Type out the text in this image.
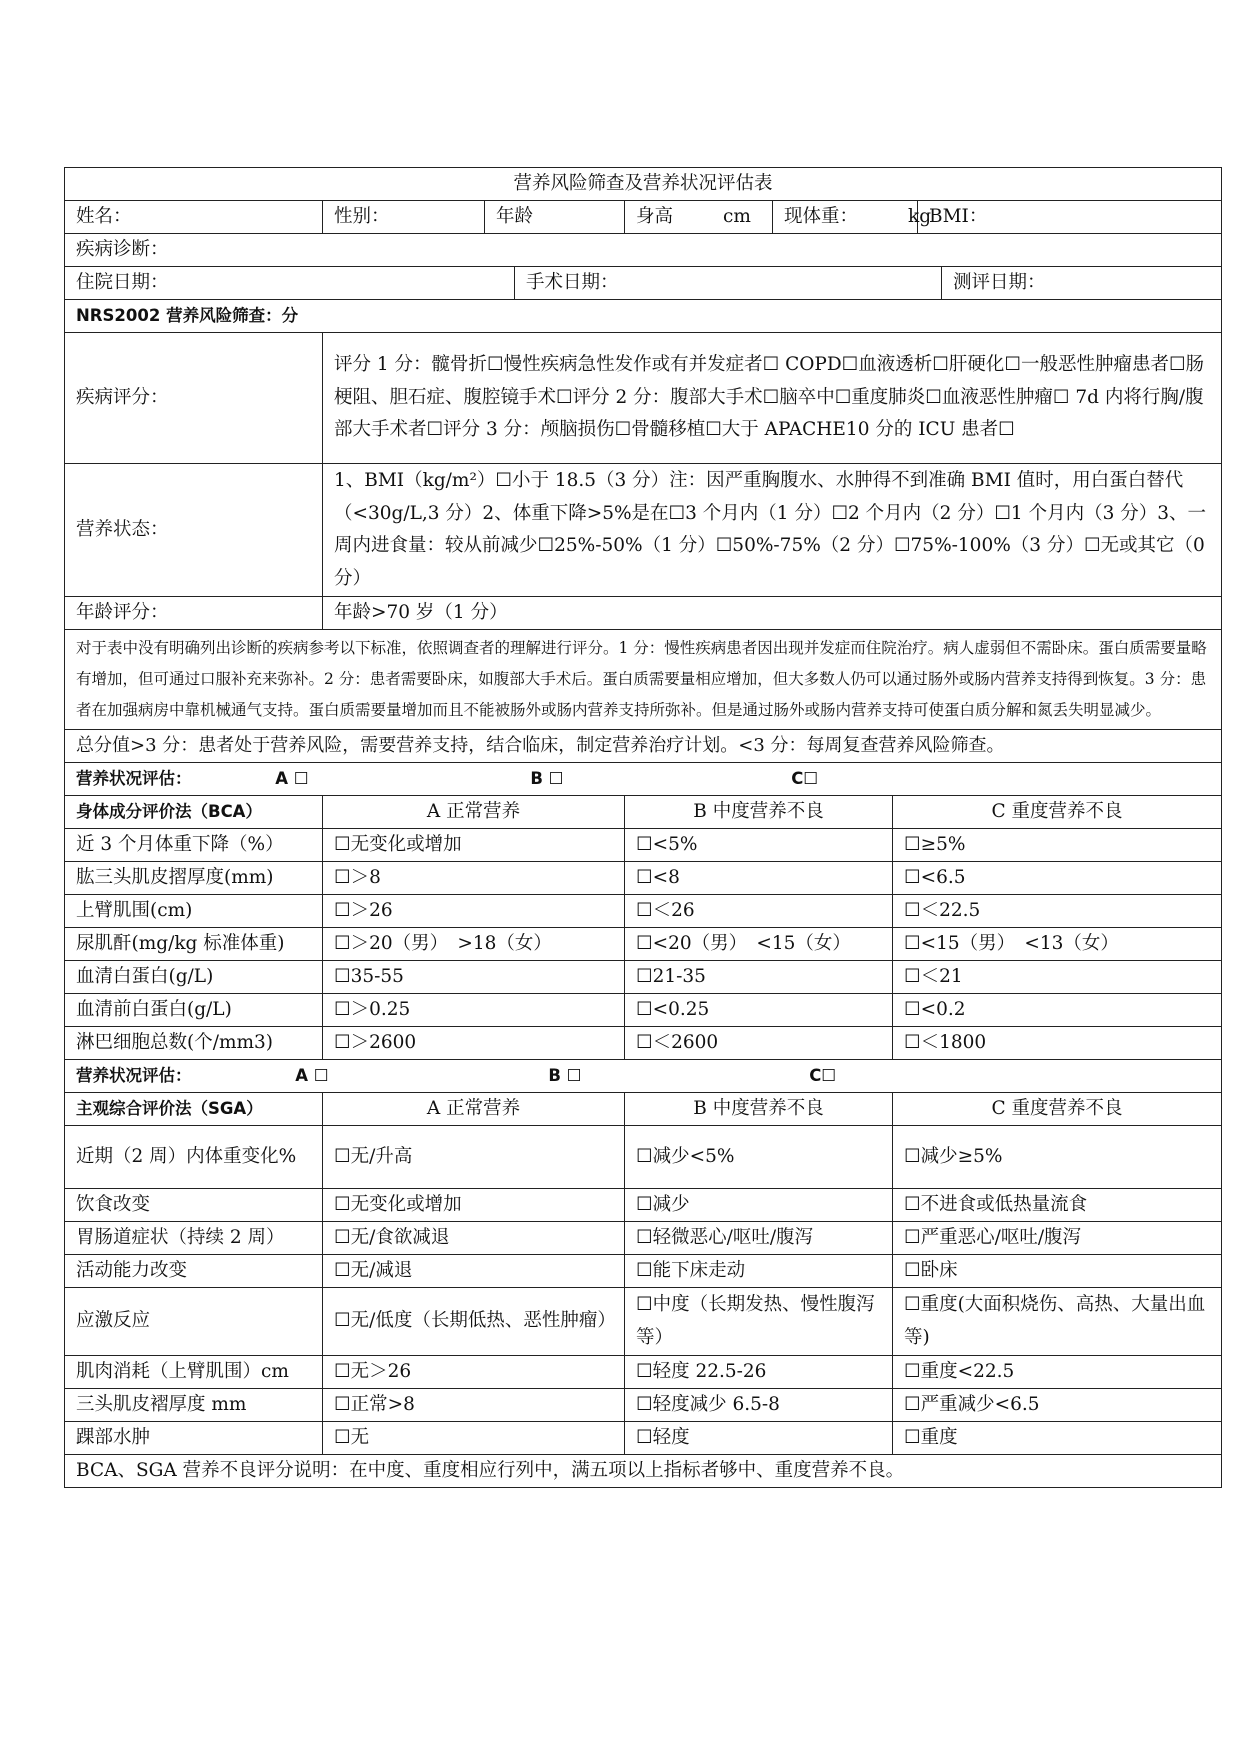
营养风险筛查及营养状况评估表								
姓名：	性别：	年龄		身高 cm	现体重： kg		BMI：	
疾病诊断：								
住院日期：			手术日期：					测评日期：
NRS2002 营养风险筛查：分								
疾病评分：	评分 1 分：髋骨折☐慢性疾病急性发作或有并发症者☐ COPD☐血液透析☐肝硬化☐一般恶性肿瘤患者☐肠梗阻、胆石症、腹腔镜手术☐评分 2 分：腹部大手术☐脑卒中☐重度肺炎☐血液恶性肿瘤☐ 7d 内将行胸/腹部大手术者☐评分 3 分：颅脑损伤☐骨髓移植☐大于 APACHE10 分的 ICU 患者☐							
营养状态：	1、BMI（kg/m²）☐小于 18.5（3 分）注：因严重胸腹水、水肿得不到准确 BMI 值时，用白蛋白替代（<30g/L,3 分）2、体重下降>5%是在☐3 个月内（1 分）☐2 个月内（2 分）☐1 个月内（3 分）3、一周内进食量：较从前减少☐25%-50%（1 分）☐50%-75%（2 分）☐75%-100%（3 分）☐无或其它（0 分）							
年龄评分：	年龄>70 岁（1 分）							
对于表中没有明确列出诊断的疾病参考以下标准，依照调查者的理解进行评分。1 分：慢性疾病患者因出现并发症而住院治疗。病人虚弱但不需卧床。蛋白质需要量略有增加，但可通过口服补充来弥补。2 分：患者需要卧床，如腹部大手术后。蛋白质需要量相应增加，但大多数人仍可以通过肠外或肠内营养支持得到恢复。3 分：患者在加强病房中靠机械通气支持。蛋白质需要量增加而且不能被肠外或肠内营养支持所弥补。但是通过肠外或肠内营养支持可使蛋白质分解和氮丢失明显减少。								
总分值>3 分：患者处于营养风险，需要营养支持，结合临床，制定营养治疗计划。<3 分：每周复查营养风险筛查。								
营养状况评估： A ☐ B ☐ C☐								
身体成分评价法（BCA）	A 正常营养			B 中度营养不良		C 重度营养不良		
近 3 个月体重下降（%）	☐无变化或增加			☐<5%		☐≥5%		
肱三头肌皮摺厚度(mm)	☐＞8			☐<8		☐<6.5		
上臂肌围(cm)	☐＞26			☐＜26		☐＜22.5		
尿肌酐(mg/kg 标准体重)	☐＞20（男）　>18（女）			☐<20（男）　<15（女）		☐<15（男）　<13（女）		
血清白蛋白(g/L)	☐35-55			☐21-35		☐＜21		
血清前白蛋白(g/L)	☐＞0.25			☐<0.25		☐<0.2		
淋巴细胞总数(个/mm3)	☐＞2600			☐＜2600		☐＜1800		
营养状况评估： A ☐ B ☐ C☐								
主观综合评价法（SGA）	A 正常营养			B 中度营养不良		C 重度营养不良		
近期（2 周）内体重变化%	☐无/升高			☐减少<5%		☐减少≥5%		
饮食改变	☐无变化或增加			☐减少		☐不进食或低热量流食		
胃肠道症状（持续 2 周）	☐无/食欲减退			☐轻微恶心/呕吐/腹泻		☐严重恶心/呕吐/腹泻		
活动能力改变	☐无/减退			☐能下床走动		☐卧床		
应激反应	☐无/低度（长期低热、恶性肿瘤）			☐中度（长期发热、慢性腹泻等）		☐重度(大面积烧伤、高热、大量出血等)		
肌肉消耗（上臂肌围）cm	☐无＞26			☐轻度 22.5-26		☐重度<22.5		
三头肌皮褶厚度 mm	☐正常>8			☐轻度减少 6.5-8		☐严重减少<6.5		
踝部水肿	☐无			☐轻度		☐重度		
BCA、SGA 营养不良评分说明：在中度、重度相应行列中，满五项以上指标者够中、重度营养不良。								
